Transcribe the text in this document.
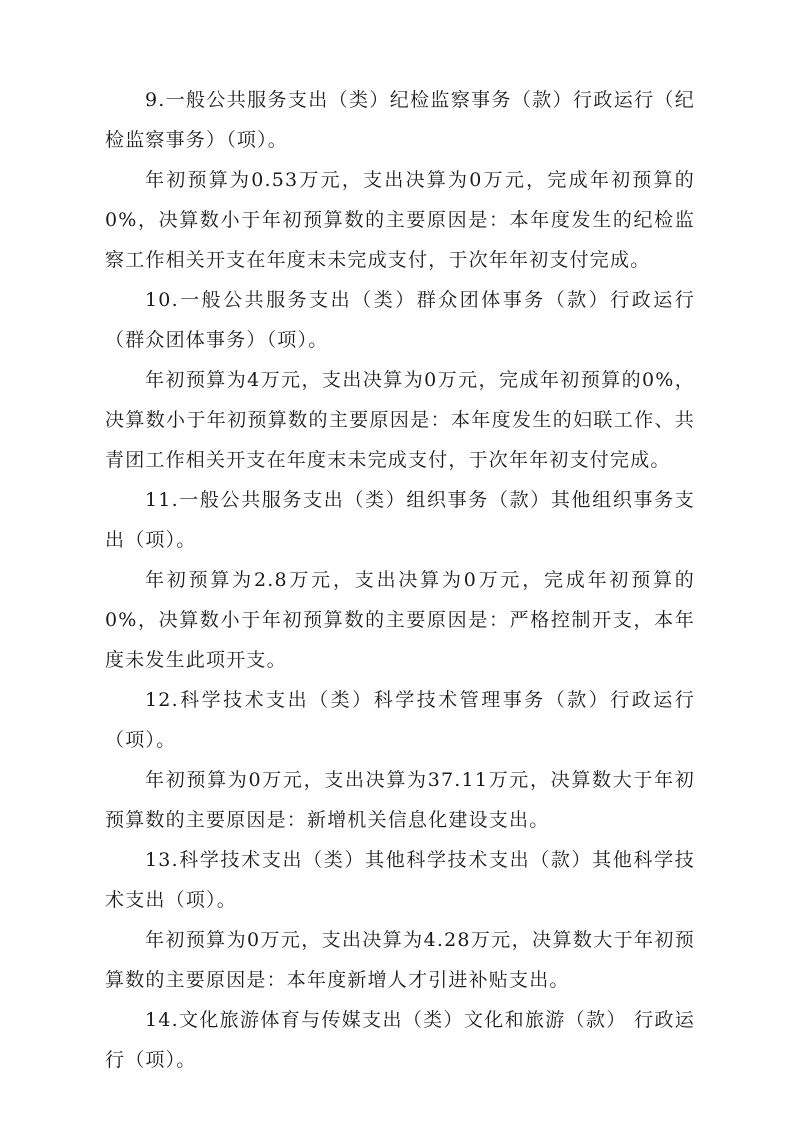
9.一般公共服务支出（类）纪检监察事务（款）行政运行（纪检监察事务）（项）。

年初预算为0.53万元，支出决算为0万元，完成年初预算的0%，决算数小于年初预算数的主要原因是：本年度发生的纪检监察工作相关开支在年度末未完成支付，于次年年初支付完成。

10.一般公共服务支出（类）群众团体事务（款）行政运行（群众团体事务）（项）。

年初预算为4万元，支出决算为0万元，完成年初预算的0%，决算数小于年初预算数的主要原因是：本年度发生的妇联工作、共青团工作相关开支在年度末未完成支付，于次年年初支付完成。

11.一般公共服务支出（类）组织事务（款）其他组织事务支出（项）。

年初预算为2.8万元，支出决算为0万元，完成年初预算的0%，决算数小于年初预算数的主要原因是：严格控制开支，本年度未发生此项开支。

12.科学技术支出（类）科学技术管理事务（款）行政运行（项）。

年初预算为0万元，支出决算为37.11万元，决算数大于年初预算数的主要原因是：新增机关信息化建设支出。

13.科学技术支出（类）其他科学技术支出（款）其他科学技术支出（项）。

年初预算为0万元，支出决算为4.28万元，决算数大于年初预算数的主要原因是：本年度新增人才引进补贴支出。

14.文化旅游体育与传媒支出（类）文化和旅游（款） 行政运行（项）。
